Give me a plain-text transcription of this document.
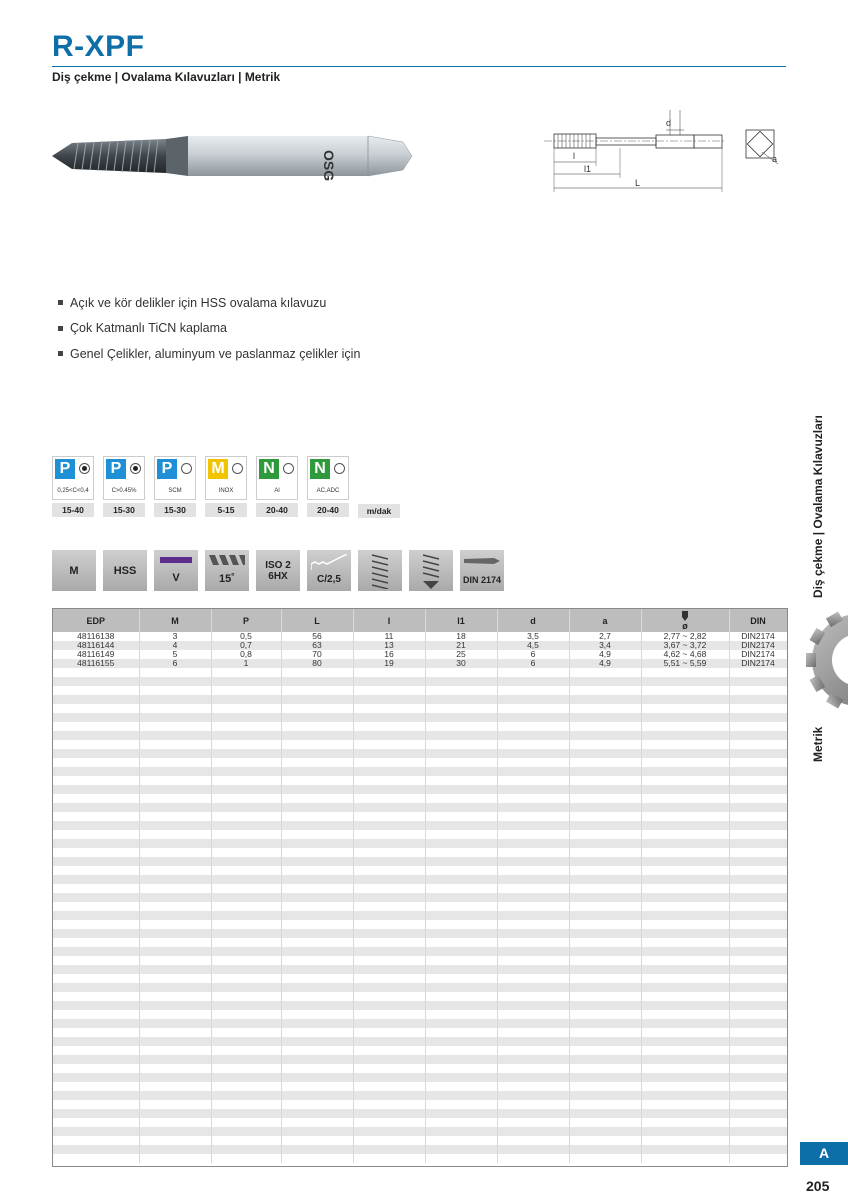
R-XPF
Diş çekme | Ovalama Kılavuzları | Metrik
OSG
d
l
l1
L
a
Açık ve kör delikler için HSS ovalama kılavuzu
Çok Katmanlı TiCN kaplama
Genel Çelikler, aluminyum ve paslanmaz çelikler için
P
0,25<C<0,4
15-40
P
C>0.45%
15-30
P
SCM
15-30
M
INOX
5-15
N
Al
20-40
N
AC,ADC
20-40	m/dak
M	HSS
V	15˚
ISO 2
6HX	C/2,5	DIN 2174
EDP	M	P	L	l	l1	d	a	ø	DIN
48116138	3	0,5	56	11	18	3,5	2,7	2,77 ~ 2,82	DIN2174
48116144	4	0,7	63	13	21	4,5	3,4	3,67 ~ 3,72	DIN2174
48116149	5	0,8	70	16	25	6	4,9	4,62 ~ 4,68	DIN2174
48116155	6	1	80	19	30	6	4,9	5,51 ~ 5,59	DIN2174

Diş çekme | Ovalama Kılavuzları
Metrik
A
205
